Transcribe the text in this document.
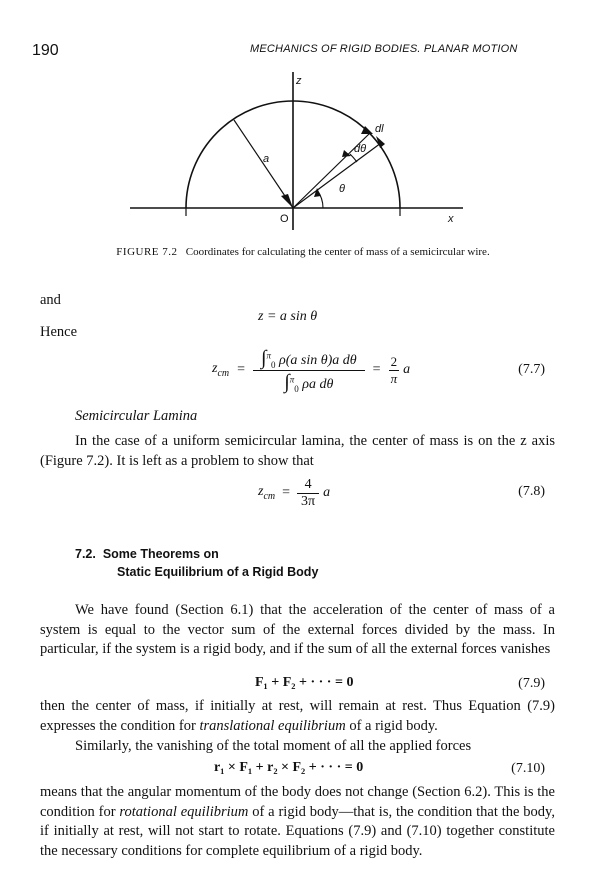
190	MECHANICS OF RIGID BODIES. PLANAR MOTION
z
x
O
a
dl
dθ
θ
FIGURE 7.2 Coordinates for calculating the center of mass of a semicircular wire.
and
z = a sin θ
Hence
$z_{cm} = \frac{\int^\pi_0 \rho(a \sin \theta)a d\theta}{\int^\pi_0 \rho a d\theta} = \frac{2}{\pi}$ a	(7.7)
Semicircular Lamina
In the case of a uniform semicircular lamina, the center of mass is on the z axis (Figure 7.2). It is left as a problem to show that
$z_{cm} = \frac{4}{3\pi}$ a	(7.8)
7.2. Some Theorems on
Static Equilibrium of a Rigid Body
We have found (Section 6.1) that the acceleration of the center of mass of a system is equal to the vector sum of the external forces divided by the mass. In particular, if the system is a rigid body, and if the sum of all the external forces vanishes
F₁ + F₂ + · · · = 0	(7.9)
then the center of mass, if initially at rest, will remain at rest. Thus Equation (7.9) expresses the condition for translational equilibrium of a rigid body.
Similarly, the vanishing of the total moment of all the applied forces
r₁ × F₁ + r₂ × F₂ + · · · = 0	(7.10)
means that the angular momentum of the body does not change (Section 6.2). This is the condition for rotational equilibrium of a rigid body—that is, the condition that the body, if initially at rest, will not start to rotate. Equations (7.9) and (7.10) together constitute the necessary conditions for complete equilibrium of a rigid body.
